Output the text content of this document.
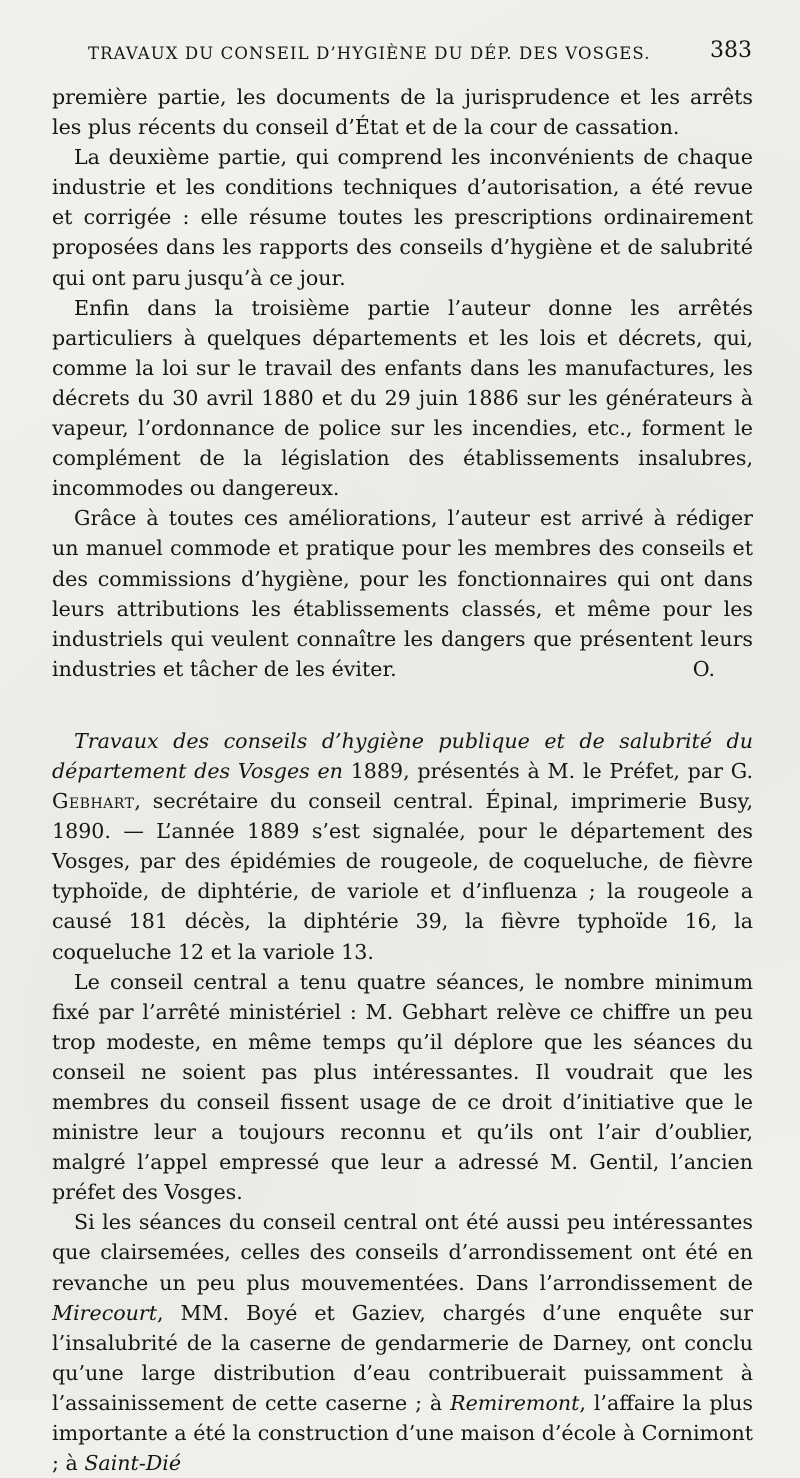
TRAVAUX DU CONSEIL D’HYGIÈNE DU DÉP. DES VOSGES.	383

première partie, les documents de la jurisprudence et les arrêts les plus récents du conseil d’État et de la cour de cassation.

La deuxième partie, qui comprend les inconvénients de chaque industrie et les conditions techniques d’autorisation, a été revue et corrigée : elle résume toutes les prescriptions ordinairement proposées dans les rapports des conseils d’hygiène et de salubrité qui ont paru jusqu’à ce jour.

Enfin dans la troisième partie l’auteur donne les arrêtés particuliers à quelques départements et les lois et décrets, qui, comme la loi sur le travail des enfants dans les manufactures, les décrets du 30 avril 1880 et du 29 juin 1886 sur les générateurs à vapeur, l’ordonnance de police sur les incendies, etc., forment le complément de la législation des établissements insalubres, incommodes ou dangereux.

Grâce à toutes ces améliorations, l’auteur est arrivé à rédiger un manuel commode et pratique pour les membres des conseils et des commissions d’hygiène, pour les fonctionnaires qui ont dans leurs attributions les établissements classés, et même pour les industriels qui veulent connaître les dangers que présentent leurs industries et tâcher de les éviter.	O.

Travaux des conseils d’hygiène publique et de salubrité du département des Vosges en 1889, présentés à M. le Préfet, par G. Gebhart, secrétaire du conseil central. Épinal, imprimerie Busy, 1890. — L’année 1889 s’est signalée, pour le département des Vosges, par des épidémies de rougeole, de coqueluche, de fièvre typhoïde, de diphtérie, de variole et d’influenza ; la rougeole a causé 181 décès, la diphtérie 39, la fièvre typhoïde 16, la coqueluche 12 et la variole 13.

Le conseil central a tenu quatre séances, le nombre minimum fixé par l’arrêté ministériel : M. Gebhart relève ce chiffre un peu trop modeste, en même temps qu’il déplore que les séances du conseil ne soient pas plus intéressantes. Il voudrait que les membres du conseil fissent usage de ce droit d’initiative que le ministre leur a toujours reconnu et qu’ils ont l’air d’oublier, malgré l’appel empressé que leur a adressé M. Gentil, l’ancien préfet des Vosges.

Si les séances du conseil central ont été aussi peu intéressantes que clairsemées, celles des conseils d’arrondissement ont été en revanche un peu plus mouvementées. Dans l’arrondissement de Mirecourt, MM. Boyé et Gaziev, chargés d’une enquête sur l’insalubrité de la caserne de gendarmerie de Darney, ont conclu qu’une large distribution d’eau contribuerait puissamment à l’assainissement de cette caserne ; à Remiremont, l’affaire la plus importante a été la construction d’une maison d’école à Cornimont ; à Saint-Dié
